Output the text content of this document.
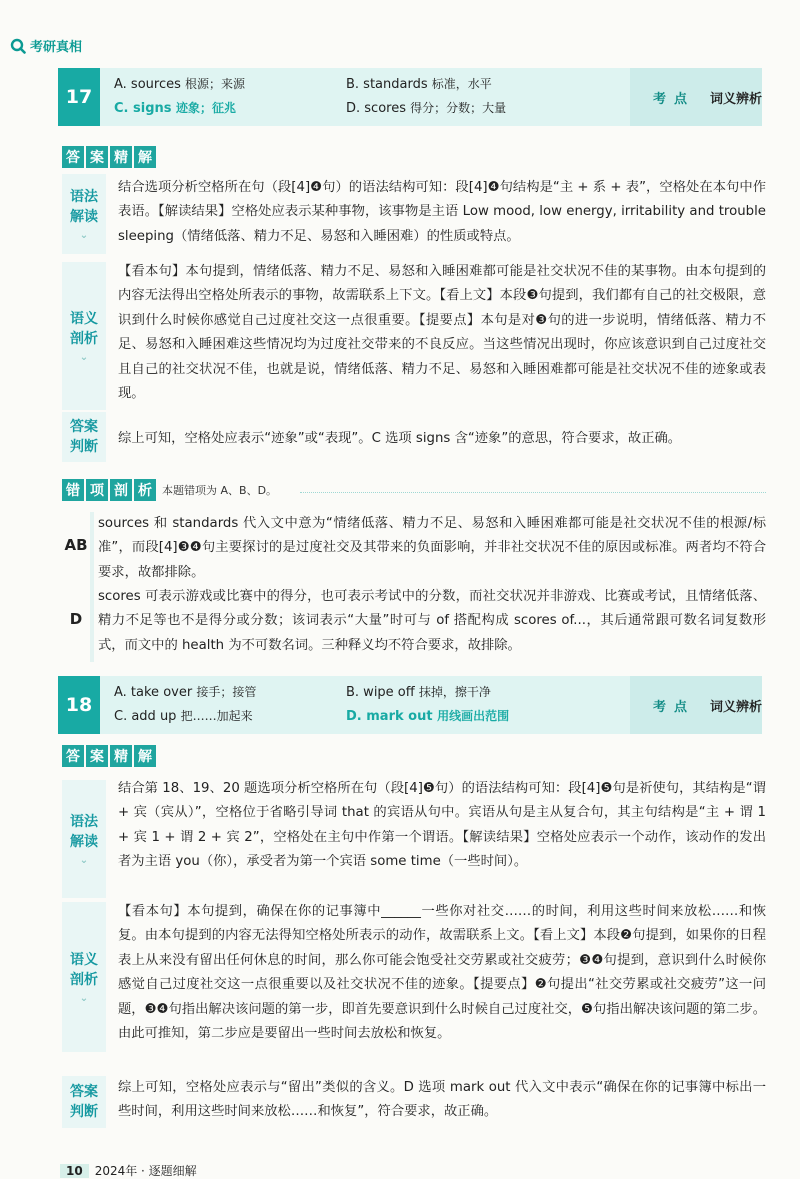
考研真相
17
A. sources 根源；来源	B. standards 标准，水平
C. signs 迹象；征兆	D. scores 得分；分数；大量
考点	词义辨析
答 案 精 解
语法
解读
⌄
结合选项分析空格所在句（段[4]❹句）的语法结构可知：段[4]❹句结构是“主 + 系 + 表”，空格处在本句中作表语。【解读结果】空格处应表示某种事物，该事物是主语 Low mood, low energy, irritability and trouble sleeping（情绪低落、精力不足、易怒和入睡困难）的性质或特点。
语义
剖析
⌄
【看本句】本句提到，情绪低落、精力不足、易怒和入睡困难都可能是社交状况不佳的某事物。由本句提到的内容无法得出空格处所表示的事物，故需联系上下文。【看上文】本段❸句提到，我们都有自己的社交极限，意识到什么时候你感觉自己过度社交这一点很重要。【提要点】本句是对❸句的进一步说明，情绪低落、精力不足、易怒和入睡困难这些情况均为过度社交带来的不良反应。当这些情况出现时，你应该意识到自己过度社交且自己的社交状况不佳，也就是说，情绪低落、精力不足、易怒和入睡困难都可能是社交状况不佳的迹象或表现。
答案
判断
综上可知，空格处应表示“迹象”或“表现”。C 选项 signs 含“迹象”的意思，符合要求，故正确。
错 项 剖 析 本题错项为 A、B、D。
AB
sources 和 standards 代入文中意为“情绪低落、精力不足、易怒和入睡困难都可能是社交状况不佳的根源/标准”，而段[4]❸❹句主要探讨的是过度社交及其带来的负面影响，并非社交状况不佳的原因或标准。两者均不符合要求，故都排除。
D
scores 可表示游戏或比赛中的得分，也可表示考试中的分数，而社交状况并非游戏、比赛或考试，且情绪低落、精力不足等也不是得分或分数；该词表示“大量”时可与 of 搭配构成 scores of...，其后通常跟可数名词复数形式，而文中的 health 为不可数名词。三种释义均不符合要求，故排除。
18
A. take over 接手；接管	B. wipe off 抹掉，擦干净
C. add up 把……加起来	D. mark out 用线画出范围
考点	词义辨析
答 案 精 解
语法
解读
⌄
结合第 18、19、20 题选项分析空格所在句（段[4]❺句）的语法结构可知：段[4]❺句是祈使句，其结构是“谓 + 宾（宾从）”，空格位于省略引导词 that 的宾语从句中。宾语从句是主从复合句，其主句结构是“主 + 谓 1 + 宾 1 + 谓 2 + 宾 2”，空格处在主句中作第一个谓语。【解读结果】空格处应表示一个动作，该动作的发出者为主语 you（你），承受者为第一个宾语 some time（一些时间）。
语义
剖析
⌄
【看本句】本句提到，确保在你的记事簿中______一些你对社交……的时间，利用这些时间来放松……和恢复。由本句提到的内容无法得知空格处所表示的动作，故需联系上文。【看上文】本段❷句提到，如果你的日程表上从来没有留出任何休息的时间，那么你可能会饱受社交劳累或社交疲劳；❸❹句提到，意识到什么时候你感觉自己过度社交这一点很重要以及社交状况不佳的迹象。【提要点】❷句提出“社交劳累或社交疲劳”这一问题，❸❹句指出解决该问题的第一步，即首先要意识到什么时候自己过度社交，❺句指出解决该问题的第二步。由此可推知，第二步应是要留出一些时间去放松和恢复。
答案
判断
综上可知，空格处应表示与“留出”类似的含义。D 选项 mark out 代入文中表示“确保在你的记事簿中标出一些时间，利用这些时间来放松……和恢复”，符合要求，故正确。
10	2024年 · 逐题细解
